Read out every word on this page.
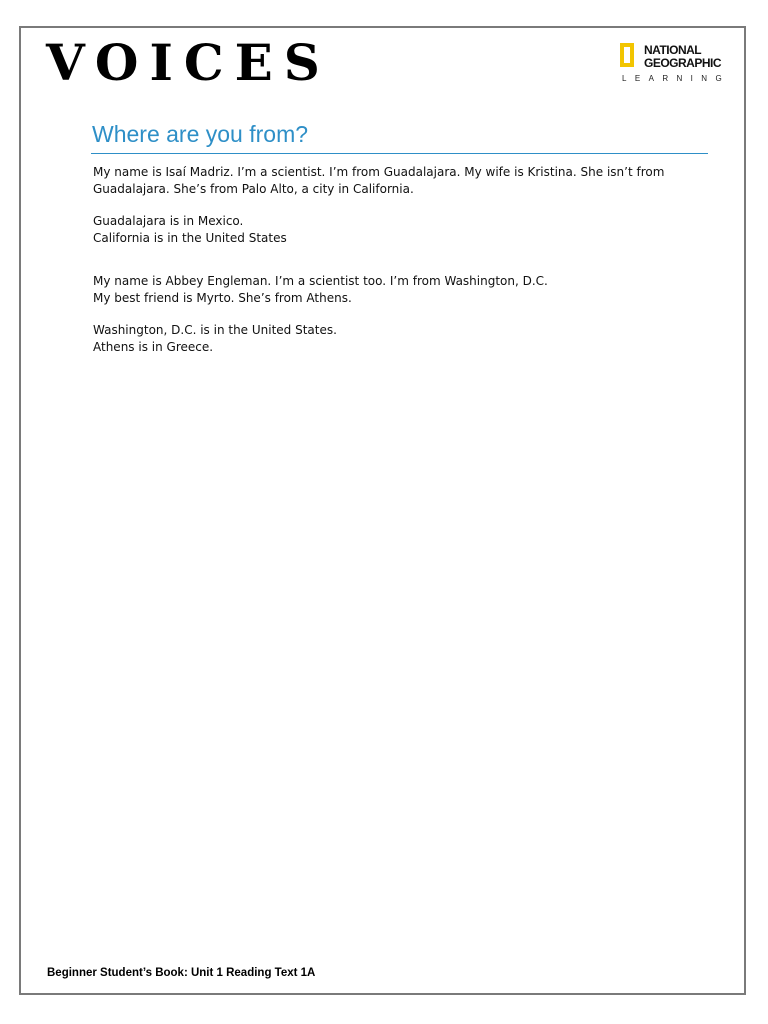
VOICES	NATIONAL
GEOGRAPHIC
LEARNING
Where are you from?

My name is Isaí Madriz. I’m a scientist. I’m from Guadalajara. My wife is Kristina. She isn’t from
Guadalajara. She’s from Palo Alto, a city in California.

Guadalajara is in Mexico.
California is in the United States

My name is Abbey Engleman. I’m a scientist too. I’m from Washington, D.C.
My best friend is Myrto. She’s from Athens.

Washington, D.C. is in the United States.
Athens is in Greece.

Beginner Student’s Book: Unit 1 Reading Text 1A
